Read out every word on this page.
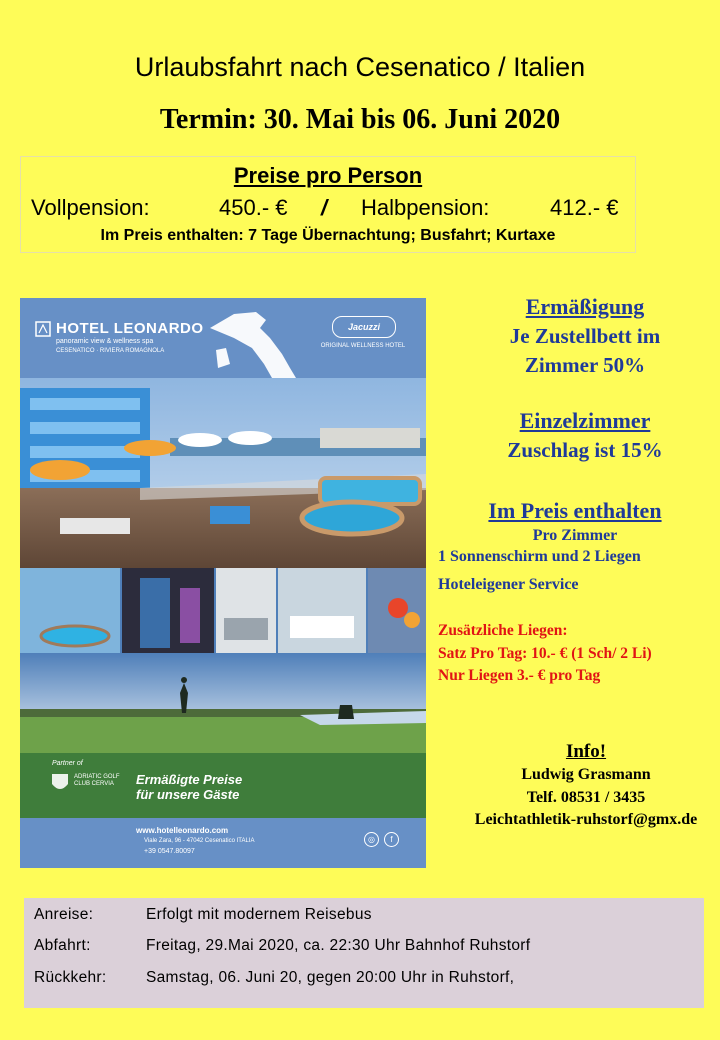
Urlaubsfahrt nach Cesenatico / Italien
Termin: 30. Mai bis 06. Juni 2020
Preise pro Person
Vollpension:	450.- € / Halbpension:	412.- €
Im Preis enthalten: 7 Tage Übernachtung; Busfahrt; Kurtaxe
HOTEL LEONARDO
panoramic view & wellness spa
CESENATICO · RIVIERA ROMAGNOLA
Jacuzzi
ORIGINAL WELLNESS HOTEL
Partner of
ADRIATIC GOLF CLUB CERVIA	Ermäßigte Preise
für unsere Gäste
www.hotelleonardo.com
Viale Zara, 96 - 47042 Cesenatico ITALIA
+39 0547.80097
◎	f
Ermäßigung
Je Zustellbett im
Zimmer 50%
Einzelzimmer
Zuschlag ist 15%
Im Preis enthalten
Pro Zimmer
1 Sonnenschirm und 2 Liegen
Hoteleigener Service
Zusätzliche Liegen:
Satz Pro Tag: 10.- € (1 Sch/ 2 Li)
Nur Liegen 3.- € pro Tag
Info!
Ludwig Grasmann
Telf. 08531 / 3435
Leichtathletik-ruhstorf@gmx.de
Anreise:	Erfolgt mit modernem Reisebus
Abfahrt:	Freitag, 29.Mai 2020, ca. 22:30 Uhr Bahnhof Ruhstorf
Rückkehr:	Samstag, 06. Juni 20, gegen 20:00 Uhr in Ruhstorf,
